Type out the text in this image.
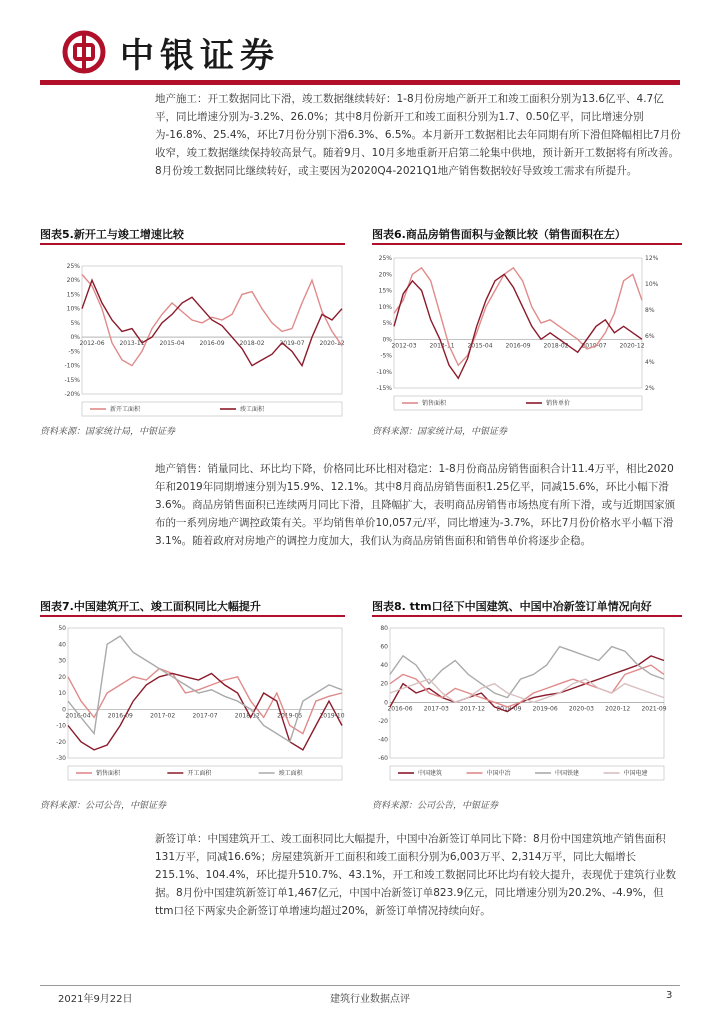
中银证券
地产施工：开工数据同比下滑，竣工数据继续转好：1-8月份房地产新开工和竣工面积分别为13.6亿平、4.7亿平，同比增速分别为-3.2%、26.0%；其中8月份新开工和竣工面积分别为1.7、0.50亿平，同比增速分别为-16.8%、25.4%，环比7月份分别下滑6.3%、6.5%。本月新开工数据相比去年同期有所下滑但降幅相比7月份收窄，竣工数据继续保持较高景气。随着9月、10月多地重新开启第二轮集中供地，预计新开工数据将有所改善。8月份竣工数据同比继续转好，或主要因为2020Q4-2021Q1地产销售数据较好导致竣工需求有所提升。
图表5.新开工与竣工增速比较	图表6.商品房销售面积与金额比较（销售面积在左）
25%
20%
15%
10%
5%
0%
-5%
-10%
-15%
-20%
2012-06 2013-11 2015-04 2016-09 2018-02 2019-07 2020-12
新开工面积	竣工面积
25%
20%
15%
10%
5%
0%
-5%
-10%
-15%
12%
10%
8%
6%
4%
2%
2012-03 2013-11 2015-04 2016-09 2018-02 2019-07 2020-12
销售面积	销售单价
资料来源：国家统计局，中银证券	资料来源：国家统计局，中银证券
地产销售：销量同比、环比均下降，价格同比环比相对稳定：1-8月份商品房销售面积合计11.4万平，相比2020年和2019年同期增速分别为15.9%、12.1%。其中8月商品房销售面积1.25亿平，同减15.6%，环比小幅下滑3.6%。商品房销售面积已连续两月同比下滑，且降幅扩大，表明商品房销售市场热度有所下滑，或与近期国家颁布的一系列房地产调控政策有关。平均销售单价10,057元/平，同比增速为-3.7%，环比7月份价格水平小幅下滑3.1%。随着政府对房地产的调控力度加大，我们认为商品房销售面积和销售单价将逐步企稳。
图表7.中国建筑开工、竣工面积同比大幅提升	图表8. ttm口径下中国建筑、中国中冶新签订单情况向好
50
40
30
20
10
0
-10
-20
-30
2016-04	2016-09	2017-02	2017-07	2018-12	2019-05	2019-10
销售面积	开工面积	竣工面积
80
60
40
20
0
-20
-40
-60
2016-06 2017-03 2017-12 2018-09 2019-06 2020-03 2020-12 2021-09
中国建筑	中国中冶	中国铁建	中国电建
资料来源：公司公告，中银证券	资料来源：公司公告，中银证券
新签订单：中国建筑开工、竣工面积同比大幅提升，中国中冶新签订单同比下降：8月份中国建筑地产销售面积131万平，同减16.6%；房屋建筑新开工面积和竣工面积分别为6,003万平、2,314万平，同比大幅增长215.1%、104.4%，环比提升510.7%、43.1%，开工和竣工数据同比环比均有较大提升，表现优于建筑行业数据。8月份中国建筑新签订单1,467亿元，中国中冶新签订单823.9亿元，同比增速分别为20.2%、-4.9%，但ttm口径下两家央企新签订单增速均超过20%，新签订单情况持续向好。
2021年9月22日	建筑行业数据点评	3
